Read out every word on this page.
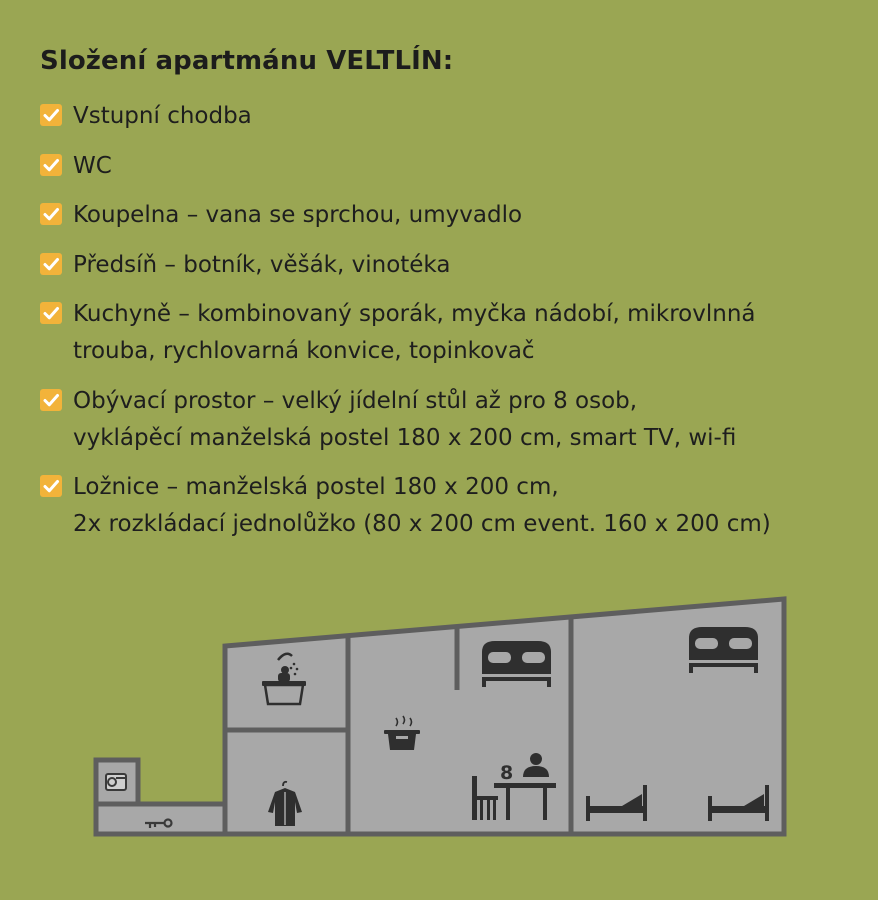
Složení apartmánu VELTLÍN:
Vstupní chodba
WC
Koupelna – vana se sprchou, umyvadlo
Předsíň – botník, věšák, vinotéka
Kuchyně – kombinovaný sporák, myčka nádobí, mikrovlnná
trouba, rychlovarná konvice, topinkovač
Obývací prostor – velký jídelní stůl až pro 8 osob,
vyklápěcí manželská postel 180 x 200 cm, smart TV, wi-fi
Ložnice – manželská postel 180 x 200 cm,
2x rozkládací jednolůžko (80 x 200 cm event. 160 x 200 cm)
8
